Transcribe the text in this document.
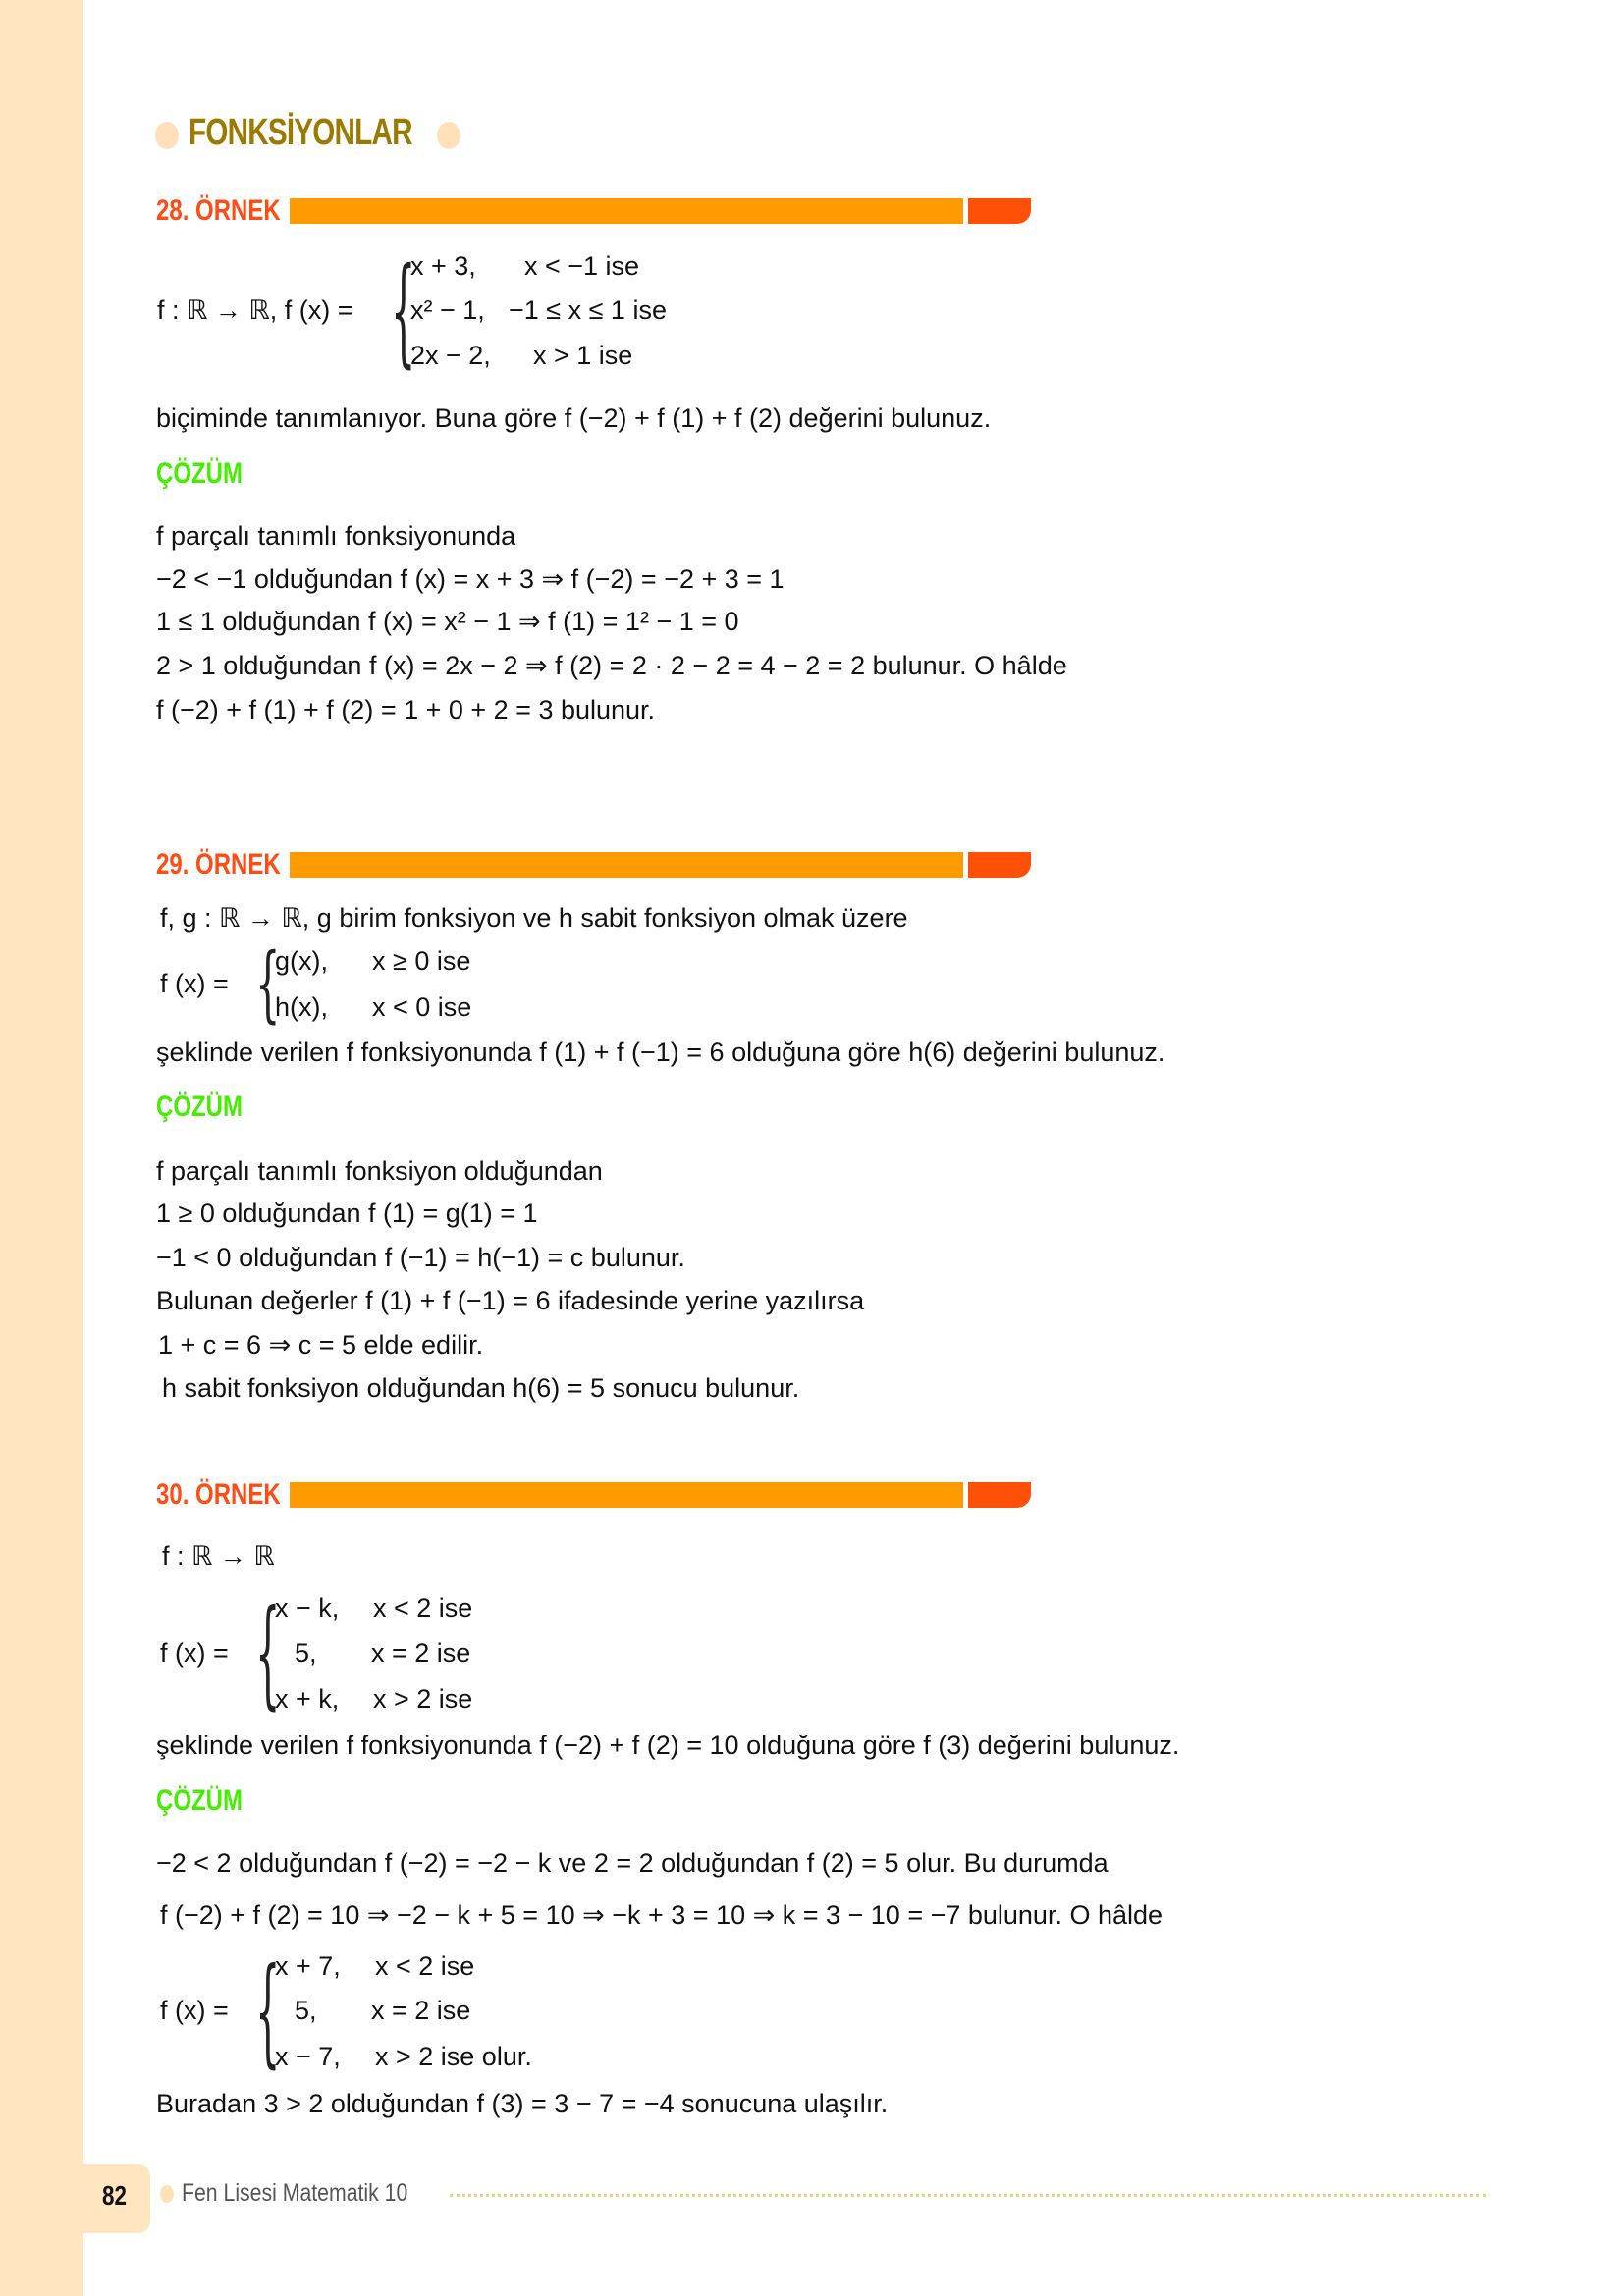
FONKSİYONLAR
28. ÖRNEK
f : ℝ → ℝ, f (x) = {
x + 3, x < −1 ise
x² − 1, −1 ≤ x ≤ 1 ise
2x − 2, x > 1 ise
biçiminde tanımlanıyor. Buna göre f (−2) + f (1) + f (2) değerini bulunuz.
ÇÖZÜM
f parçalı tanımlı fonksiyonunda
−2 < −1 olduğundan f (x) = x + 3 ⇒ f (−2) = −2 + 3 = 1
1 ≤ 1 olduğundan f (x) = x² − 1 ⇒ f (1) = 1² − 1 = 0
2 > 1 olduğundan f (x) = 2x − 2 ⇒ f (2) = 2 · 2 − 2 = 4 − 2 = 2 bulunur. O hâlde
f (−2) + f (1) + f (2) = 1 + 0 + 2 = 3 bulunur.
29. ÖRNEK
f, g : ℝ → ℝ, g birim fonksiyon ve h sabit fonksiyon olmak üzere
f (x) = {
g(x), x ≥ 0 ise
h(x), x < 0 ise
şeklinde verilen f fonksiyonunda f (1) + f (−1) = 6 olduğuna göre h(6) değerini bulunuz.
ÇÖZÜM
f parçalı tanımlı fonksiyon olduğundan
1 ≥ 0 olduğundan f (1) = g(1) = 1
−1 < 0 olduğundan f (−1) = h(−1) = c bulunur.
Bulunan değerler f (1) + f (−1) = 6 ifadesinde yerine yazılırsa
1 + c = 6 ⇒ c = 5 elde edilir.
h sabit fonksiyon olduğundan h(6) = 5 sonucu bulunur.
30. ÖRNEK
f : ℝ → ℝ
f (x) = {
x − k, x < 2 ise
5, x = 2 ise
x + k, x > 2 ise
şeklinde verilen f fonksiyonunda f (−2) + f (2) = 10 olduğuna göre f (3) değerini bulunuz.
ÇÖZÜM
−2 < 2 olduğundan f (−2) = −2 − k ve 2 = 2 olduğundan f (2) = 5 olur. Bu durumda
f (−2) + f (2) = 10 ⇒ −2 − k + 5 = 10 ⇒ −k + 3 = 10 ⇒ k = 3 − 10 = −7 bulunur. O hâlde
f (x) = {
x + 7, x < 2 ise
5, x = 2 ise
x − 7, x > 2 ise olur.
Buradan 3 > 2 olduğundan f (3) = 3 − 7 = −4 sonucuna ulaşılır.
82 Fen Lisesi Matematik 10
